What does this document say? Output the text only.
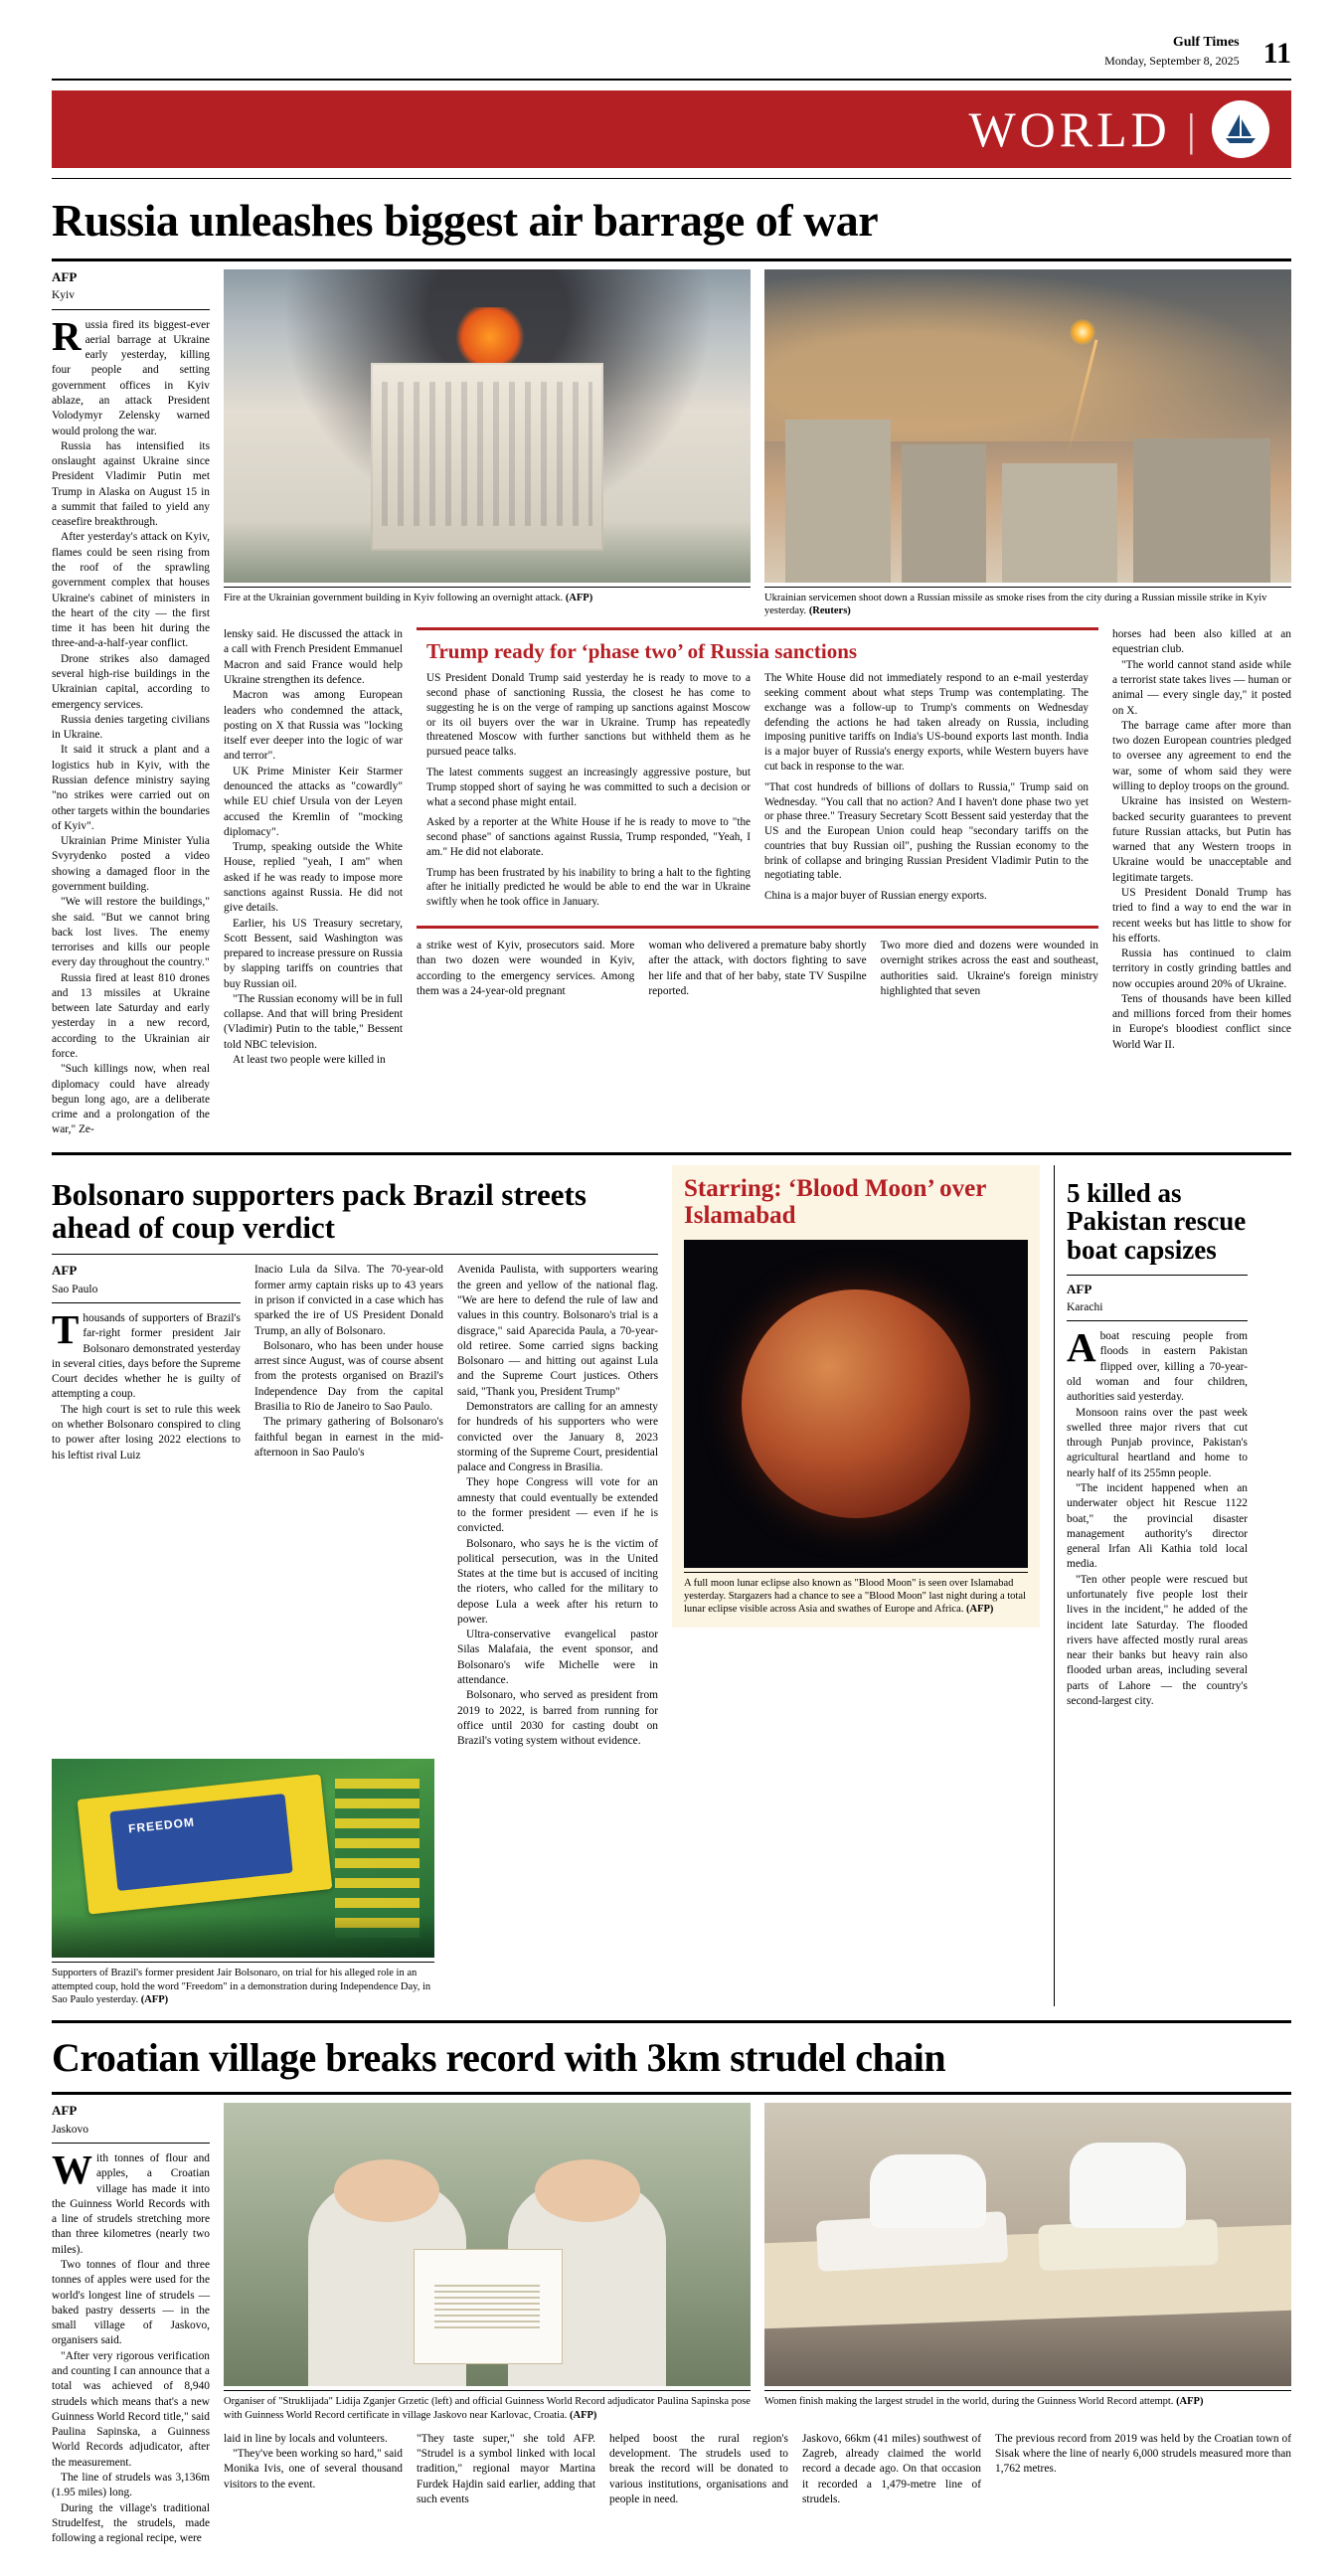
Gulf Times
Monday, September 8, 2025 11
WORLD |
Russia unleashes biggest air barrage of war
AFP
Kyiv

Russia fired its biggest-ever aerial barrage at Ukraine early yesterday, killing four people and setting government offices in Kyiv ablaze, an attack President Volodymyr Zelensky warned would prolong the war.

Russia has intensified its onslaught against Ukraine since President Vladimir Putin met Trump in Alaska on August 15 in a summit that failed to yield any ceasefire breakthrough.

After yesterday's attack on Kyiv, flames could be seen rising from the roof of the sprawling government complex that houses Ukraine's cabinet of ministers in the heart of the city — the first time it has been hit during the three-and-a-half-year conflict.

Drone strikes also damaged several high-rise buildings in the Ukrainian capital, according to emergency services.

Russia denies targeting civilians in Ukraine.

It said it struck a plant and a logistics hub in Kyiv, with the Russian defence ministry saying "no strikes were carried out on other targets within the boundaries of Kyiv".

Ukrainian Prime Minister Yulia Svyrydenko posted a video showing a damaged floor in the government building.

"We will restore the buildings," she said. "But we cannot bring back lost lives. The enemy terrorises and kills our people every day throughout the country."

Russia fired at least 810 drones and 13 missiles at Ukraine between late Saturday and early yesterday in a new record, according to the Ukrainian air force.

"Such killings now, when real diplomacy could have already begun long ago, are a deliberate crime and a prolongation of the war," Ze-

Fire at the Ukrainian government building in Kyiv following an overnight attack. (AFP)	Ukrainian servicemen shoot down a Russian missile as smoke rises from the city during a Russian missile strike in Kyiv yesterday. (Reuters)

lensky said. He discussed the attack in a call with French President Emmanuel Macron and said France would help Ukraine strengthen its defence.

Macron was among European leaders who condemned the attack, posting on X that Russia was "locking itself ever deeper into the logic of war and terror".

UK Prime Minister Keir Starmer denounced the attacks as "cowardly" while EU chief Ursula von der Leyen accused the Kremlin of "mocking diplomacy".

Trump, speaking outside the White House, replied "yeah, I am" when asked if he was ready to impose more sanctions against Russia. He did not give details.

Earlier, his US Treasury secretary, Scott Bessent, said Washington was prepared to increase pressure on Russia by slapping tariffs on countries that buy Russian oil.

"The Russian economy will be in full collapse. And that will bring President (Vladimir) Putin to the table," Bessent told NBC television.

At least two people were killed in

Trump ready for ‘phase two’ of Russia sanctions

US President Donald Trump said yesterday he is ready to move to a second phase of sanctioning Russia, the closest he has come to suggesting he is on the verge of ramping up sanctions against Moscow or its oil buyers over the war in Ukraine. Trump has repeatedly threatened Moscow with further sanctions but withheld them as he pursued peace talks.

The latest comments suggest an increasingly aggressive posture, but Trump stopped short of saying he was committed to such a decision or what a second phase might entail.

Asked by a reporter at the White House if he is ready to move to "the second phase" of sanctions against Russia, Trump responded, "Yeah, I am." He did not elaborate.

Trump has been frustrated by his inability to bring a halt to the fighting after he initially predicted he would be able to end the war in Ukraine swiftly when he took office in January.

The White House did not immediately respond to an e-mail yesterday seeking comment about what steps Trump was contemplating. The exchange was a follow-up to Trump's comments on Wednesday defending the actions he had taken already on Russia, including imposing punitive tariffs on India's US-bound exports last month. India is a major buyer of Russia's energy exports, while Western buyers have cut back in response to the war.

"That cost hundreds of billions of dollars to Russia," Trump said on Wednesday. "You call that no action? And I haven't done phase two yet or phase three." Treasury Secretary Scott Bessent said yesterday that the US and the European Union could heap "secondary tariffs on the countries that buy Russian oil", pushing the Russian economy to the brink of collapse and bringing Russian President Vladimir Putin to the negotiating table.

China is a major buyer of Russian energy exports.

a strike west of Kyiv, prosecutors said. More than two dozen were wounded in Kyiv, according to the emergency services. Among them was a 24-year-old pregnant

woman who delivered a premature baby shortly after the attack, with doctors fighting to save her life and that of her baby, state TV Suspilne reported.

Two more died and dozens were wounded in overnight strikes across the east and southeast, authorities said. Ukraine's foreign ministry highlighted that seven

horses had been also killed at an equestrian club.

"The world cannot stand aside while a terrorist state takes lives — human or animal — every single day," it posted on X.

The barrage came after more than two dozen European countries pledged to oversee any agreement to end the war, some of whom said they were willing to deploy troops on the ground.

Ukraine has insisted on Western-backed security guarantees to prevent future Russian attacks, but Putin has warned that any Western troops in Ukraine would be unacceptable and legitimate targets.

US President Donald Trump has tried to find a way to end the war in recent weeks but has little to show for his efforts.

Russia has continued to claim territory in costly grinding battles and now occupies around 20% of Ukraine.

Tens of thousands have been killed and millions forced from their homes in Europe's bloodiest conflict since World War II.

Bolsonaro supporters pack Brazil streets ahead of coup verdict
AFP
Sao Paulo

Thousands of supporters of Brazil's far-right former president Jair Bolsonaro demonstrated yesterday in several cities, days before the Supreme Court decides whether he is guilty of attempting a coup.

The high court is set to rule this week on whether Bolsonaro conspired to cling to power after losing 2022 elections to his leftist rival Luiz

Inacio Lula da Silva. The 70-year-old former army captain risks up to 43 years in prison if convicted in a case which has sparked the ire of US President Donald Trump, an ally of Bolsonaro.

Bolsonaro, who has been under house arrest since August, was of course absent from the protests organised on Brazil's Independence Day from the capital Brasilia to Rio de Janeiro to Sao Paulo.

The primary gathering of Bolsonaro's faithful began in earnest in the mid-afternoon in Sao Paulo's

Avenida Paulista, with supporters wearing the green and yellow of the national flag. "We are here to defend the rule of law and values in this country. Bolsonaro's trial is a disgrace," said Aparecida Paula, a 70-year-old retiree. Some carried signs backing Bolsonaro — and hitting out against Lula and the Supreme Court justices. Others said, "Thank you, President Trump"

Demonstrators are calling for an amnesty for hundreds of his supporters who were convicted over the January 8, 2023 storming of the Supreme Court, presidential palace and Congress in Brasilia.

They hope Congress will vote for an amnesty that could eventually be extended to the former president — even if he is convicted.

Bolsonaro, who says he is the victim of political persecution, was in the United States at the time but is accused of inciting the rioters, who called for the military to depose Lula a week after his return to power.

Ultra-conservative evangelical pastor Silas Malafaia, the event sponsor, and Bolsonaro's wife Michelle were in attendance.

Bolsonaro, who served as president from 2019 to 2022, is barred from running for office until 2030 for casting doubt on Brazil's voting system without evidence.

FREEDOM
Supporters of Brazil's former president Jair Bolsonaro, on trial for his alleged role in an attempted coup, hold the word "Freedom" in a demonstration during Independence Day, in Sao Paulo yesterday. (AFP)
Starring: ‘Blood Moon’ over Islamabad
A full moon lunar eclipse also known as "Blood Moon" is seen over Islamabad yesterday. Stargazers had a chance to see a "Blood Moon" last night during a total lunar eclipse visible across Asia and swathes of Europe and Africa. (AFP)
5 killed as Pakistan rescue boat capsizes
AFP
Karachi

Aboat rescuing people from floods in eastern Pakistan flipped over, killing a 70-year-old woman and four children, authorities said yesterday.

Monsoon rains over the past week swelled three major rivers that cut through Punjab province, Pakistan's agricultural heartland and home to nearly half of its 255mn people.

"The incident happened when an underwater object hit Rescue 1122 boat," the provincial disaster management authority's director general Irfan Ali Kathia told local media.

"Ten other people were rescued but unfortunately five people lost their lives in the incident," he added of the incident late Saturday. The flooded rivers have affected mostly rural areas near their banks but heavy rain also flooded urban areas, including several parts of Lahore — the country's second-largest city.

Croatian village breaks record with 3km strudel chain
AFP
Jaskovo

With tonnes of flour and apples, a Croatian village has made it into the Guinness World Records with a line of strudels stretching more than three kilometres (nearly two miles).

Two tonnes of flour and three tonnes of apples were used for the world's longest line of strudels — baked pastry desserts — in the small village of Jaskovo, organisers said.

"After very rigorous verification and counting I can announce that a total was achieved of 8,940 strudels which means that's a new Guinness World Record title," said Paulina Sapinska, a Guinness World Records adjudicator, after the measurement.

The line of strudels was 3,136m (1.95 miles) long.

During the village's traditional Strudelfest, the strudels, made following a regional recipe, were

Organiser of "Struklijada" Lidija Zganjer Grzetic (left) and official Guinness World Record adjudicator Paulina Sapinska pose with Guinness World Record certificate in village Jaskovo near Karlovac, Croatia. (AFP)
Women finish making the largest strudel in the world, during the Guinness World Record attempt. (AFP)

laid in line by locals and volunteers.

"They've been working so hard," said Monika Ivis, one of several thousand visitors to the event.

"They taste super," she told AFP. "Strudel is a symbol linked with local tradition," regional mayor Martina Furdek Hajdin said earlier, adding that such events

helped boost the rural region's development. The strudels used to break the record will be donated to various institutions, organisations and people in need.

Jaskovo, 66km (41 miles) southwest of Zagreb, already claimed the world record a decade ago. On that occasion it recorded a 1,479-metre line of strudels.

The previous record from 2019 was held by the Croatian town of Sisak where the line of nearly 6,000 strudels measured more than 1,762 metres.
